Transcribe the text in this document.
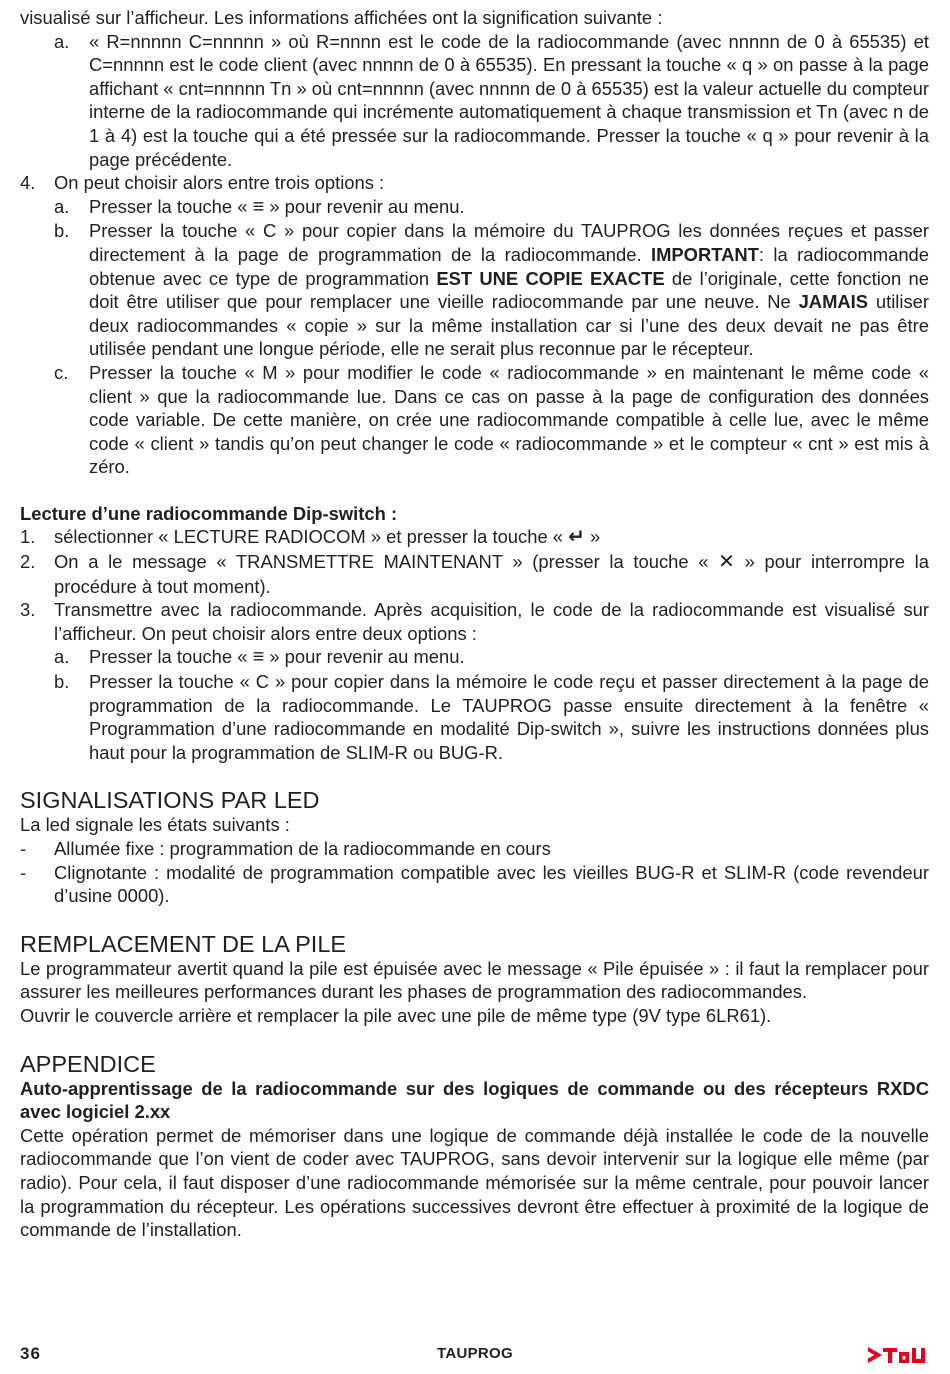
visualisé sur l’afficheur. Les informations affichées ont la signification suivante :

a.	« R=nnnnn C=nnnnn » où R=nnnn est le code de la radiocommande (avec nnnnn de 0 à 65535) et C=nnnnn est le code client (avec nnnnn de 0 à 65535). En pressant la touche « q » on passe à la page affichant « cnt=nnnnn Tn » où cnt=nnnnn (avec nnnnn de 0 à 65535) est la valeur actuelle du compteur interne de la radiocommande qui incrémente automatiquement à chaque transmission et Tn (avec n de 1 à 4) est la touche qui a été pressée sur la radiocommande. Presser la touche « q » pour revenir à la page précédente.
4.	On peut choisir alors entre trois options :
a.	Presser la touche « ≡ » pour revenir au menu.
b.	Presser la touche « C » pour copier dans la mémoire du TAUPROG les données reçues et passer directement à la page de programmation de la radiocommande. IMPORTANT: la radiocommande obtenue avec ce type de programmation EST UNE COPIE EXACTE de l’originale, cette fonction ne doit être utiliser que pour remplacer une vieille radiocommande par une neuve. Ne JAMAIS utiliser deux radiocommandes « copie » sur la même installation car si l’une des deux devait ne pas être utilisée pendant une longue période, elle ne serait plus reconnue par le récepteur.
c.	Presser la touche « M » pour modifier le code « radiocommande » en maintenant le même code « client » que la radiocommande lue. Dans ce cas on passe à la page de configuration des données code variable. De cette manière, on crée une radiocommande compatible à celle lue, avec le même code « client » tandis qu’on peut changer le code « radiocommande » et le compteur « cnt » est mis à zéro.

Lecture d’une radiocommande Dip-switch :

1.	sélectionner « LECTURE RADIOCOM » et presser la touche « ↵ »
2.	On a le message « TRANSMETTRE MAINTENANT » (presser la touche « ✕ » pour interrompre la procédure à tout moment).
3.	Transmettre avec la radiocommande. Après acquisition, le code de la radiocommande est visualisé sur l’afficheur. On peut choisir alors entre deux options :
a.	Presser la touche « ≡ » pour revenir au menu.
b.	Presser la touche « C » pour copier dans la mémoire le code reçu et passer directement à la page de programmation de la radiocommande. Le TAUPROG passe ensuite directement à la fenêtre « Programmation d’une radiocommande en modalité Dip-switch », suivre les instructions données plus haut pour la programmation de SLIM-R ou BUG-R.
SIGNALISATIONS PAR LED

La led signale les états suivants :

-	Allumée fixe : programmation de la radiocommande en cours
-	Clignotante : modalité de programmation compatible avec les vieilles BUG-R et SLIM-R (code revendeur d’usine 0000).
REMPLACEMENT DE LA PILE

Le programmateur avertit quand la pile est épuisée avec le message « Pile épuisée » : il faut la remplacer pour assurer les meilleures performances durant les phases de programmation des radiocommandes.

Ouvrir le couvercle arrière et remplacer la pile avec une pile de même type (9V type 6LR61).

APPENDICE

Auto-apprentissage de la radiocommande sur des logiques de commande ou des récepteurs RXDC avec logiciel 2.xx

Cette opération permet de mémoriser dans une logique de commande déjà installée le code de la nouvelle radiocommande que l’on vient de coder avec TAUPROG, sans devoir intervenir sur la logique elle même (par radio). Pour cela, il faut disposer d’une radiocommande mémorisée sur la même centrale, pour pouvoir lancer la programmation du récepteur. Les opérations successives devront être effectuer à proximité de la logique de commande de l’installation.

36	TAUPROG
